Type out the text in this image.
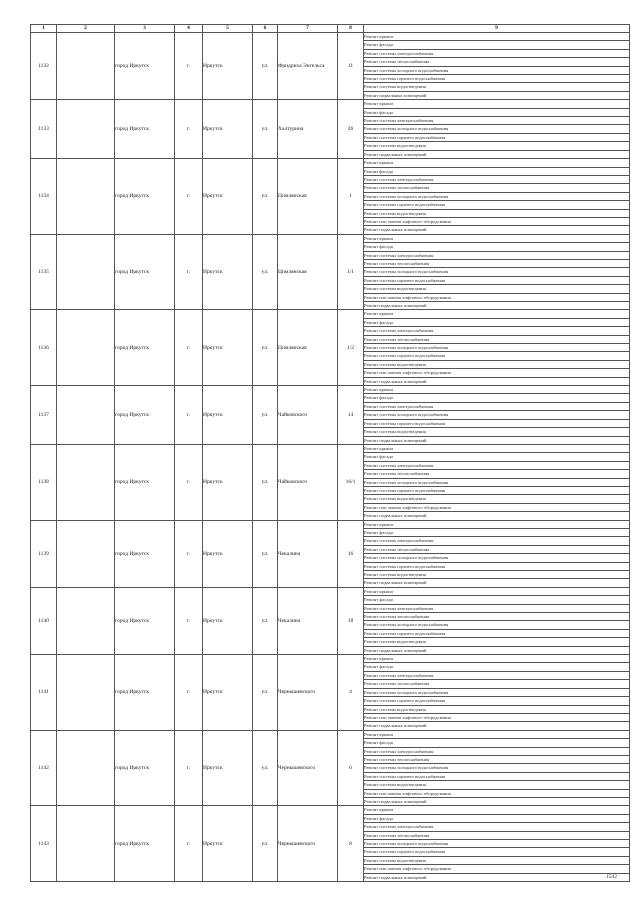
1	2	3	4	5	6	7	8	9
1132		город Иркутск	г.	Иркутск	ул.	Фридриха Энгельса	11	Ремонт крыши
								Ремонт фасада
								Ремонт системы электроснабжения
								Ремонт системы теплоснабжения
								Ремонт системы холодного водоснабжения
								Ремонт системы горячего водоснабжения
								Ремонт системы водоотведения
								Ремонт подвальных помещений
1133		город Иркутск	г.	Иркутск	ул.	Халтурина	26	Ремонт крыши
								Ремонт фасада
								Ремонт системы электроснабжения
								Ремонт системы холодного водоснабжения
								Ремонт системы горячего водоснабжения
								Ремонт системы водоотведения
								Ремонт подвальных помещений
1134		город Иркутск	г.	Иркутск	ул.	Цимлянская	1	Ремонт крыши
								Ремонт фасада
								Ремонт системы электроснабжения
								Ремонт системы теплоснабжения
								Ремонт системы холодного водоснабжения
								Ремонт системы горячего водоснабжения
								Ремонт системы водоотведения
								Ремонт или замена лифтового оборудования
								Ремонт подвальных помещений
1135		город Иркутск	г.	Иркутск	ул.	Цимлянская	1/1	Ремонт крыши
								Ремонт фасада
								Ремонт системы электроснабжения
								Ремонт системы теплоснабжения
								Ремонт системы холодного водоснабжения
								Ремонт системы горячего водоснабжения
								Ремонт системы водоотведения
								Ремонт или замена лифтового оборудования
								Ремонт подвальных помещений
1136		город Иркутск	г.	Иркутск	ул.	Цимлянская	1/2	Ремонт крыши
								Ремонт фасада
								Ремонт системы электроснабжения
								Ремонт системы теплоснабжения
								Ремонт системы холодного водоснабжения
								Ремонт системы горячего водоснабжения
								Ремонт системы водоотведения
								Ремонт или замена лифтового оборудования
								Ремонт подвальных помещений
1137		город Иркутск	г.	Иркутск	ул.	Чайковского	14	Ремонт крыши
								Ремонт фасада
								Ремонт системы электроснабжения
								Ремонт системы холодного водоснабжения
								Ремонт системы горячего водоснабжения
								Ремонт системы водоотведения
								Ремонт подвальных помещений
1138		город Иркутск	г.	Иркутск	ул.	Чайковского	16/1	Ремонт крыши
								Ремонт фасада
								Ремонт системы электроснабжения
								Ремонт системы теплоснабжения
								Ремонт системы холодного водоснабжения
								Ремонт системы горячего водоснабжения
								Ремонт системы водоотведения
								Ремонт или замена лифтового оборудования
								Ремонт подвальных помещений
1139		город Иркутск	г.	Иркутск	ул.	Чекалина	16	Ремонт крыши
								Ремонт фасада
								Ремонт системы электроснабжения
								Ремонт системы теплоснабжения
								Ремонт системы холодного водоснабжения
								Ремонт системы горячего водоснабжения
								Ремонт системы водоотведения
								Ремонт подвальных помещений
1140		город Иркутск	г.	Иркутск	ул.	Чекалина	18	Ремонт крыши
								Ремонт фасада
								Ремонт системы электроснабжения
								Ремонт системы теплоснабжения
								Ремонт системы холодного водоснабжения
								Ремонт системы горячего водоснабжения
								Ремонт системы водоотведения
								Ремонт подвальных помещений
1141		город Иркутск	г.	Иркутск	ул.	Чернышевского	4	Ремонт крыши
								Ремонт фасада
								Ремонт системы электроснабжения
								Ремонт системы теплоснабжения
								Ремонт системы холодного водоснабжения
								Ремонт системы горячего водоснабжения
								Ремонт системы водоотведения
								Ремонт или замена лифтового оборудования
								Ремонт подвальных помещений
1142		город Иркутск	г.	Иркутск	ул.	Чернышевского	6	Ремонт крыши
								Ремонт фасада
								Ремонт системы электроснабжения
								Ремонт системы теплоснабжения
								Ремонт системы холодного водоснабжения
								Ремонт системы горячего водоснабжения
								Ремонт системы водоотведения
								Ремонт или замена лифтового оборудования
								Ремонт подвальных помещений
1143		город Иркутск	г.	Иркутск	ул.	Чернышевского	8	Ремонт крыши
								Ремонт фасада
								Ремонт системы электроснабжения
								Ремонт системы теплоснабжения
								Ремонт системы холодного водоснабжения
								Ремонт системы горячего водоснабжения
								Ремонт системы водоотведения
								Ремонт или замена лифтового оборудования
								Ремонт подвальных помещений	1542
